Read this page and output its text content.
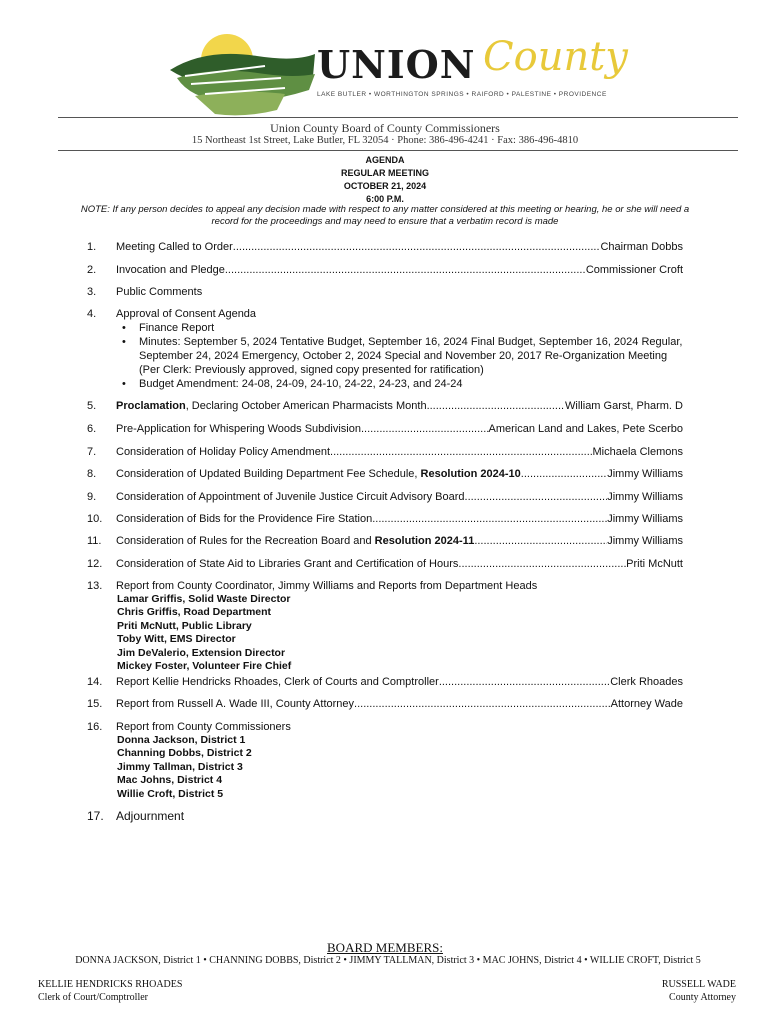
UNION County
LAKE BUTLER • WORTHINGTON SPRINGS • RAIFORD • PALESTINE • PROVIDENCE
Union County Board of County Commissioners
15 Northeast 1st Street, Lake Butler, FL 32054 · Phone: 386-496-4241 · Fax: 386-496-4810
AGENDA
REGULAR MEETING
OCTOBER 21, 2024
6:00 P.M.
NOTE: If any person decides to appeal any decision made with respect to any matter considered at this meeting or hearing, he or she will need a record for the proceedings and may need to ensure that a verbatim record is made
1. Meeting Called to Order .....	Chairman Dobbs
2. Invocation and Pledge .....	Commissioner Croft
3. Public Comments
4. Approval of Consent Agenda
• Finance Report
• Minutes: September 5, 2024 Tentative Budget, September 16, 2024 Final Budget, September 16, 2024 Regular, September 24, 2024 Emergency, October 2, 2024 Special and November 20, 2017 Re-Organization Meeting (Per Clerk: Previously approved, signed copy presented for ratification)
• Budget Amendment: 24-08, 24-09, 24-10, 24-22, 24-23, and 24-24
5. Proclamation, Declaring October American Pharmacists Month .....	William Garst, Pharm. D
6. Pre-Application for Whispering Woods Subdivision .....	American Land and Lakes, Pete Scerbo
7. Consideration of Holiday Policy Amendment .....	Michaela Clemons
8. Consideration of Updated Building Department Fee Schedule, Resolution 2024-10 .....	Jimmy Williams
9. Consideration of Appointment of Juvenile Justice Circuit Advisory Board .....	Jimmy Williams
10. Consideration of Bids for the Providence Fire Station .....	Jimmy Williams
11. Consideration of Rules for the Recreation Board and Resolution 2024-11 .....	Jimmy Williams
12. Consideration of State Aid to Libraries Grant and Certification of Hours .....	Priti McNutt
13. Report from County Coordinator, Jimmy Williams and Reports from Department Heads
Lamar Griffis, Solid Waste Director
Chris Griffis, Road Department
Priti McNutt, Public Library
Toby Witt, EMS Director
Jim DeValerio, Extension Director
Mickey Foster, Volunteer Fire Chief
14. Report Kellie Hendricks Rhoades, Clerk of Courts and Comptroller .....	Clerk Rhoades
15. Report from Russell A. Wade III, County Attorney .....	Attorney Wade
16. Report from County Commissioners
Donna Jackson, District 1
Channing Dobbs, District 2
Jimmy Tallman, District 3
Mac Johns, District 4
Willie Croft, District 5
17. Adjournment
BOARD MEMBERS:
DONNA JACKSON, District 1 • CHANNING DOBBS, District 2 • JIMMY TALLMAN, District 3 • MAC JOHNS, District 4 • WILLIE CROFT, District 5
KELLIE HENDRICKS RHOADES
Clerk of Court/Comptroller
RUSSELL WADE
County Attorney
